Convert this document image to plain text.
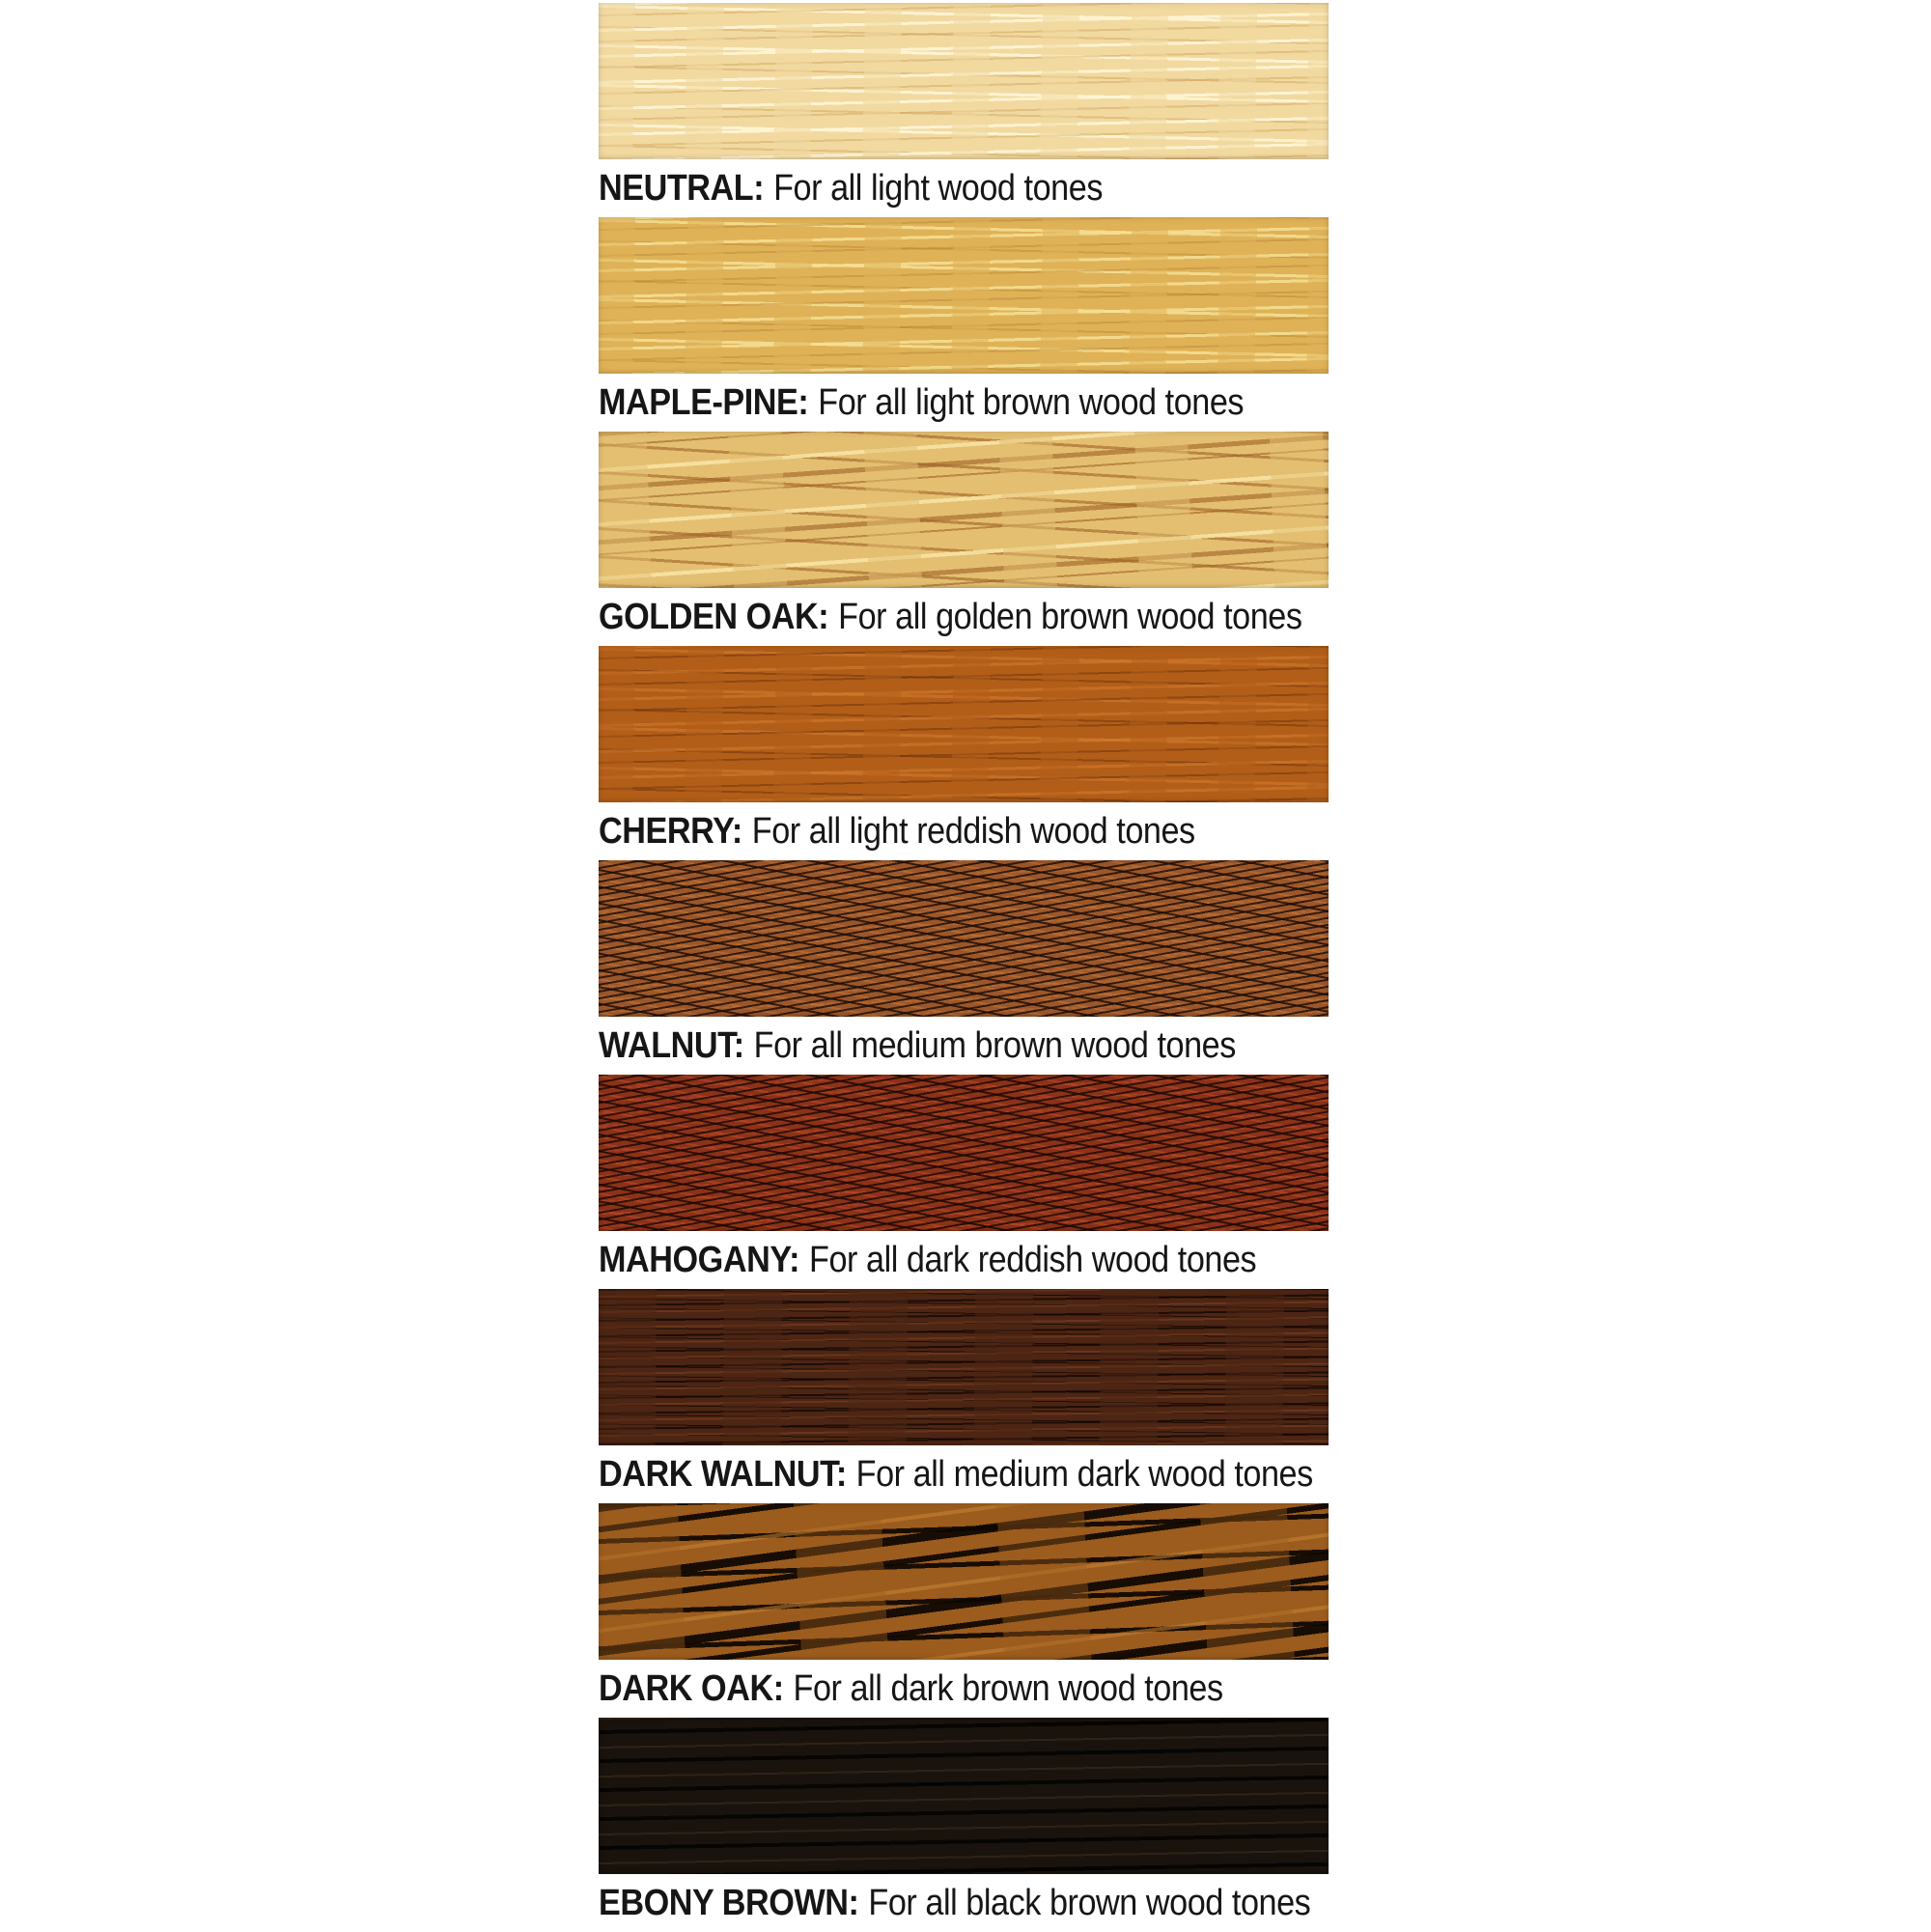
NEUTRAL: For all light wood tones

MAPLE-PINE: For all light brown wood tones

GOLDEN OAK: For all golden brown wood tones

CHERRY: For all light reddish wood tones

WALNUT: For all medium brown wood tones

MAHOGANY: For all dark reddish wood tones

DARK WALNUT: For all medium dark wood tones

DARK OAK: For all dark brown wood tones

EBONY BROWN: For all black brown wood tones
